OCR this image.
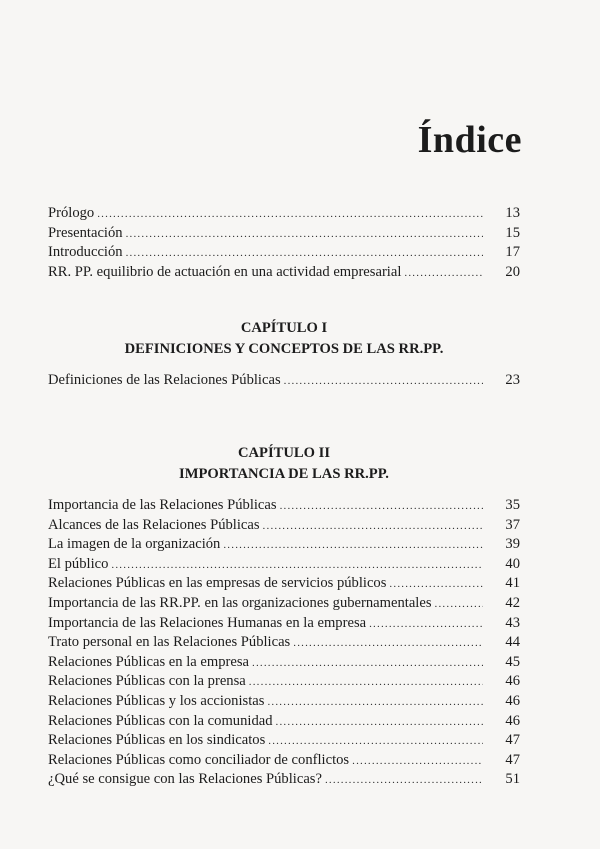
Índice
Prólogo .....	13
Presentación .....	15
Introducción .....	17
RR. PP. equilibrio de actuación en una actividad empresarial .....	20
CAPÍTULO I
DEFINICIONES Y CONCEPTOS DE LAS RR.PP.
Definiciones de las Relaciones Públicas .....	23
CAPÍTULO II
IMPORTANCIA DE LAS RR.PP.
Importancia de las Relaciones Públicas .....	35
Alcances de las Relaciones Públicas .....	37
La imagen de la organización .....	39
El público .....	40
Relaciones Públicas en las empresas de servicios públicos .....	41
Importancia de las RR.PP. en las organizaciones gubernamentales .....	42
Importancia de las Relaciones Humanas en la empresa .....	43
Trato personal en las Relaciones Públicas .....	44
Relaciones Públicas en la empresa .....	45
Relaciones Públicas con la prensa .....	46
Relaciones Públicas y los accionistas .....	46
Relaciones Públicas con la comunidad .....	46
Relaciones Públicas en los sindicatos .....	47
Relaciones Públicas como conciliador de conflictos .....	47
¿Qué se consigue con las Relaciones Públicas? .....	51
